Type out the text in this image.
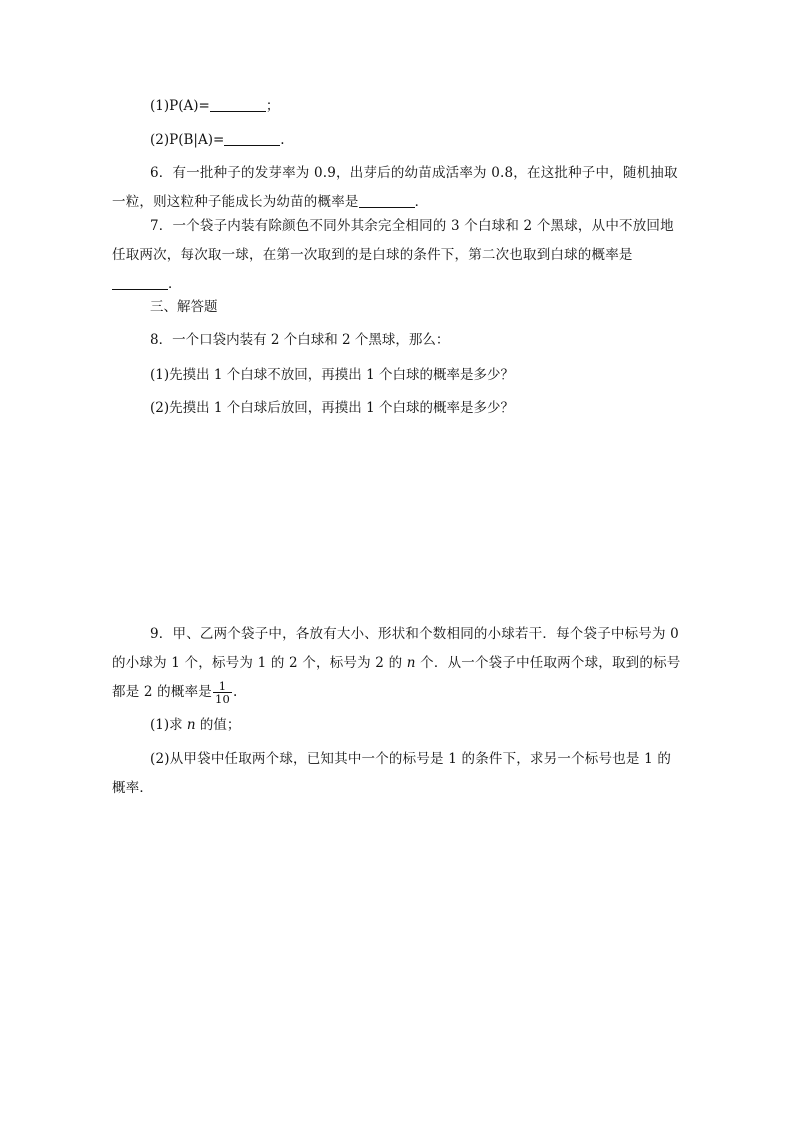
(1)P(A)=	；
(2)P(B|A)=	.
6．有一批种子的发芽率为 0.9，出芽后的幼苗成活率为 0.8，在这批种子中，随机抽取
一粒，则这粒种子能成长为幼苗的概率是	．
7．一个袋子内装有除颜色不同外其余完全相同的 3 个白球和 2 个黑球，从中不放回地
任取两次，每次取一球，在第一次取到的是白球的条件下，第二次也取到白球的概率是
．
三、解答题
8．一个口袋内装有 2 个白球和 2 个黑球，那么：
(1)先摸出 1 个白球不放回，再摸出 1 个白球的概率是多少？
(2)先摸出 1 个白球后放回，再摸出 1 个白球的概率是多少？
9．甲、乙两个袋子中，各放有大小、形状和个数相同的小球若干．每个袋子中标号为 0
的小球为 1 个，标号为 1 的 2 个，标号为 2 的 n 个．从一个袋子中任取两个球，取到的标号
都是 2 的概率是 $\frac{1}{10}$ .
(1)求 n 的值；
(2)从甲袋中任取两个球，已知其中一个的标号是 1 的条件下，求另一个标号也是 1 的
概率．
